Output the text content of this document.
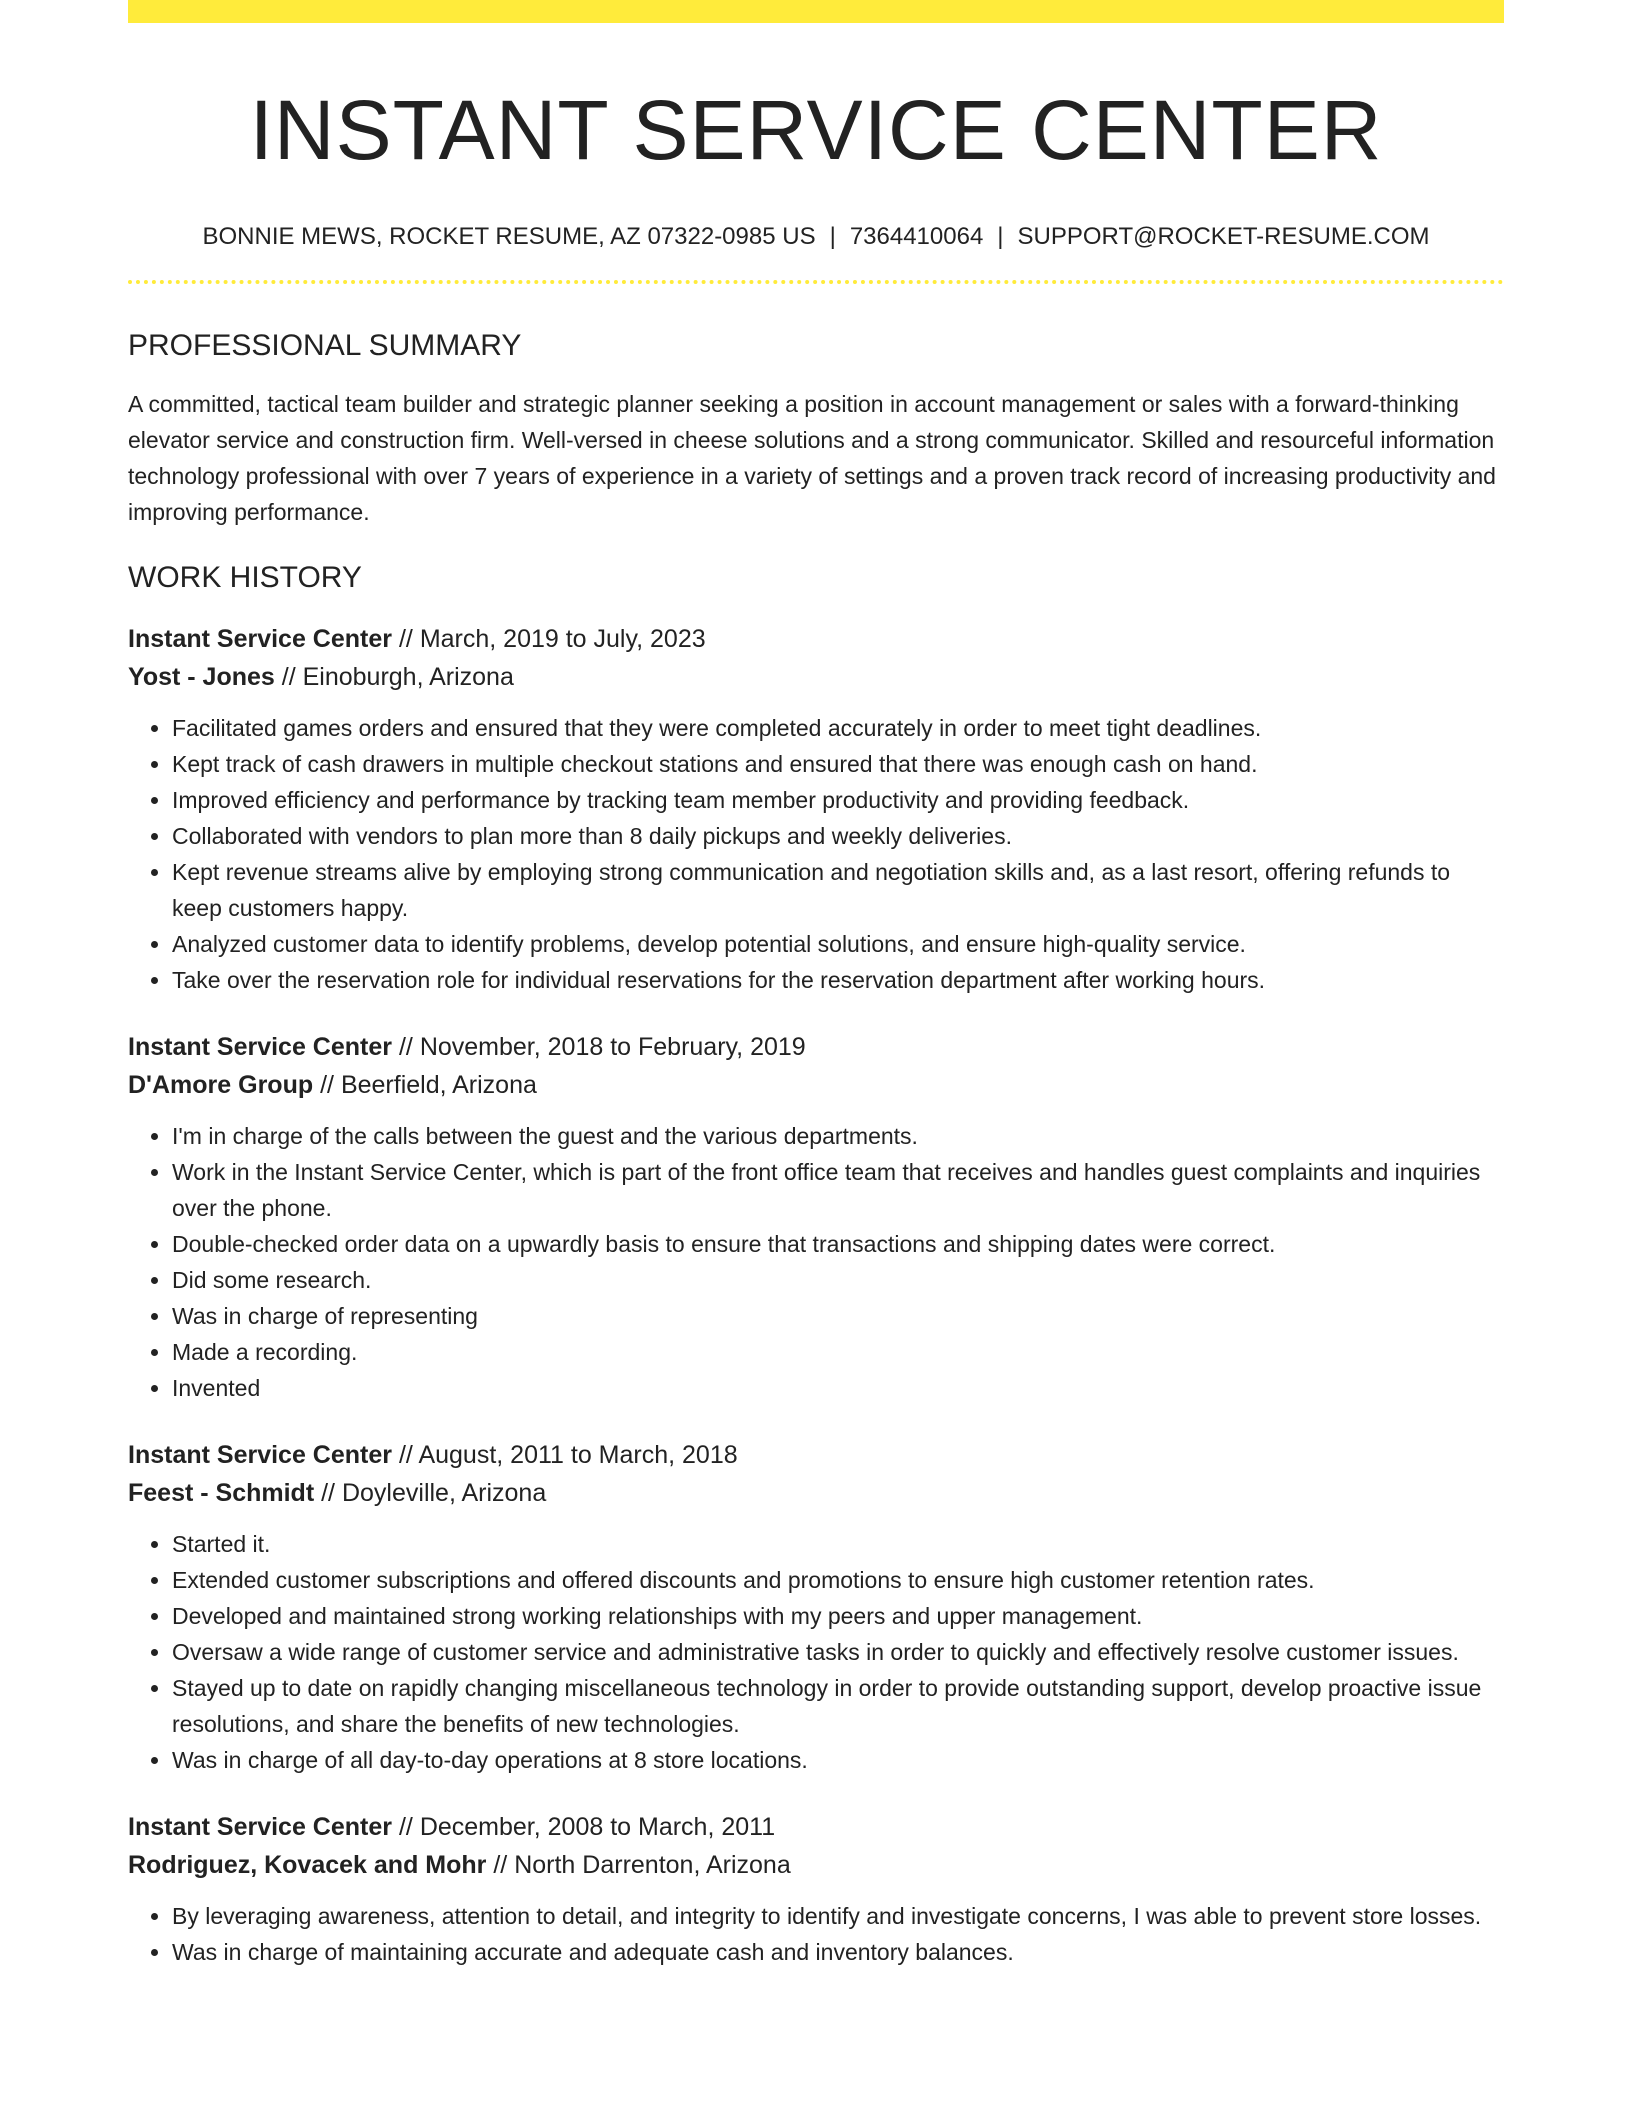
INSTANT SERVICE CENTER
BONNIE MEWS, ROCKET RESUME, AZ 07322-0985 US | 7364410064 | SUPPORT@ROCKET-RESUME.COM
PROFESSIONAL SUMMARY

A committed, tactical team builder and strategic planner seeking a position in account management or sales with a forward-thinking elevator service and construction firm. Well-versed in cheese solutions and a strong communicator. Skilled and resourceful information technology professional with over 7 years of experience in a variety of settings and a proven track record of increasing productivity and improving performance.

WORK HISTORY
Instant Service Center // March, 2019 to July, 2023
Yost - Jones // Einoburgh, Arizona
• Facilitated games orders and ensured that they were completed accurately in order to meet tight deadlines.
• Kept track of cash drawers in multiple checkout stations and ensured that there was enough cash on hand.
• Improved efficiency and performance by tracking team member productivity and providing feedback.
• Collaborated with vendors to plan more than 8 daily pickups and weekly deliveries.
• Kept revenue streams alive by employing strong communication and negotiation skills and, as a last resort, offering refunds to keep customers happy.
• Analyzed customer data to identify problems, develop potential solutions, and ensure high-quality service.
• Take over the reservation role for individual reservations for the reservation department after working hours.
Instant Service Center // November, 2018 to February, 2019
D'Amore Group // Beerfield, Arizona
• I'm in charge of the calls between the guest and the various departments.
• Work in the Instant Service Center, which is part of the front office team that receives and handles guest complaints and inquiries over the phone.
• Double-checked order data on a upwardly basis to ensure that transactions and shipping dates were correct.
• Did some research.
• Was in charge of representing
• Made a recording.
• Invented
Instant Service Center // August, 2011 to March, 2018
Feest - Schmidt // Doyleville, Arizona
• Started it.
• Extended customer subscriptions and offered discounts and promotions to ensure high customer retention rates.
• Developed and maintained strong working relationships with my peers and upper management.
• Oversaw a wide range of customer service and administrative tasks in order to quickly and effectively resolve customer issues.
• Stayed up to date on rapidly changing miscellaneous technology in order to provide outstanding support, develop proactive issue resolutions, and share the benefits of new technologies.
• Was in charge of all day-to-day operations at 8 store locations.
Instant Service Center // December, 2008 to March, 2011
Rodriguez, Kovacek and Mohr // North Darrenton, Arizona
• By leveraging awareness, attention to detail, and integrity to identify and investigate concerns, I was able to prevent store losses.
• Was in charge of maintaining accurate and adequate cash and inventory balances.
